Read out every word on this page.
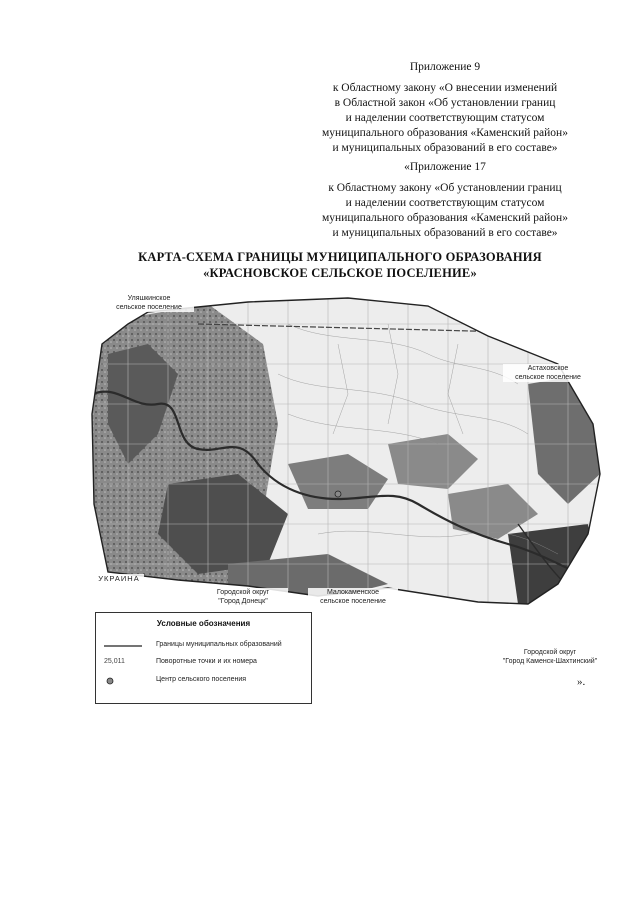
Приложение 9

к Областному закону «О внесении изменений

в Областной закон «Об установлении границ

и наделении соответствующим статусом

муниципального образования «Каменский район»

и муниципальных образований в его составе»

«Приложение 17

к Областному закону «Об установлении границ

и наделении соответствующим статусом

муниципального образования «Каменский район»

и муниципальных образований в его составе»

КАРТА-СХЕМА ГРАНИЦЫ МУНИЦИПАЛЬНОГО ОБРАЗОВАНИЯ

«КРАСНОВСКОЕ СЕЛЬСКОЕ ПОСЕЛЕНИЕ»

Уляшкинское

сельское поселение

Астаховское

сельское поселение

УКРАИНА

Городской округ

"Город Донецк"

Малокаменское

сельское поселение

Городской округ

"Город Каменск-Шахтинский"

Условные обозначения
Границы муниципальных образований
25,011	Поворотные точки и их номера
Центр сельского поселения	».
